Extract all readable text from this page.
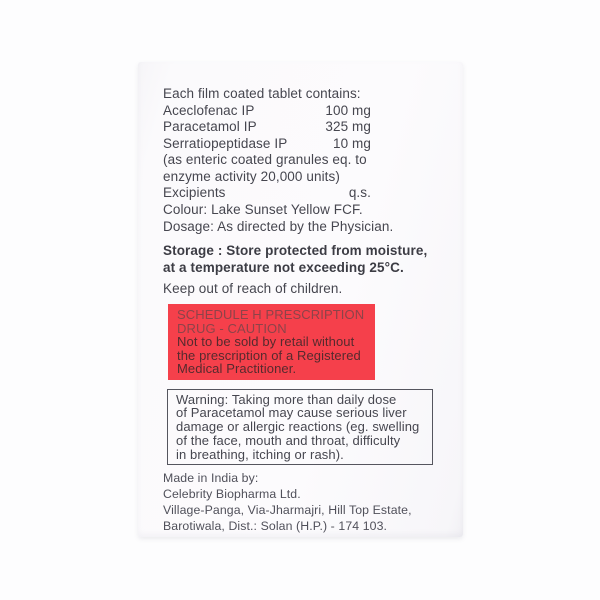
Each film coated tablet contains:
Aceclofenac IP	100 mg
Paracetamol IP	325 mg
Serratiopeptidase IP	10 mg
(as enteric coated granules eq. to
enzyme activity 20,000 units)
Excipients	q.s.
Colour: Lake Sunset Yellow FCF.
Dosage: As directed by the Physician.
Storage : Store protected from moisture,
at a temperature not exceeding 25°C.
Keep out of reach of children.
SCHEDULE H PRESCRIPTION
DRUG - CAUTION
Not to be sold by retail without
the prescription of a Registered
Medical Practitioner.
Warning: Taking more than daily dose
of Paracetamol may cause serious liver
damage or allergic reactions (eg. swelling
of the face, mouth and throat, difficulty
in breathing, itching or rash).
Made in India by:
Celebrity Biopharma Ltd.
Village-Panga, Via-Jharmajri, Hill Top Estate,
Barotiwala, Dist.: Solan (H.P.) - 174 103.
